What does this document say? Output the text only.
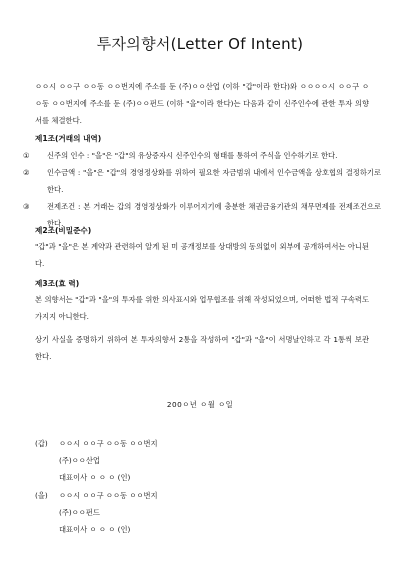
투자의향서(Letter Of Intent)
ㅇㅇ시 ㅇㅇ구 ㅇㅇ동 ㅇㅇ번지에 주소를 둔 (주)ㅇㅇ산업 (이하 "갑"이라 한다)와 ㅇㅇㅇㅇ시 ㅇㅇ구 ㅇㅇ동 ㅇㅇ번지에 주소를 둔 (주)ㅇㅇ펀드 (이하 "을"이라 한다)는 다음과 같이 신주인수에 관한 투자 의향서를 체결한다.
제1조(거래의 내역)
① 신주의 인수 : "을"은 "갑"의 유상증자시 신주인수의 형태를 통하여 주식을 인수하기로 한다.
② 인수금액 : "을"은 "갑"의 경영정상화를 위하여 필요한 자금범위 내에서 인수금액을 상호협의 결정하기로 한다.
③ 전제조건 : 본 거래는 갑의 경영정상화가 이루어지기에 충분한 채권금융기관의 채무면제를 전제조건으로 한다.
제2조(비밀준수)
"갑"과 "을"은 본 계약과 관련하여 알게 된 미 공개정보를 상대방의 동의없이 외부에 공개하여서는 아니된다.
제3조(효 력)
본 의향서는 "갑"과 "을"의 투자를 위한 의사표시와 업무협조를 위해 작성되었으며, 어떠한 법적 구속력도 가지지 아니한다.
상기 사실을 증명하기 위하여 본 투자의향서 2통을 작성하여 "갑"과 "을"이 서명날인하고 각 1통씩 보관한다.
200ㅇ년 ㅇ월 ㅇ일
(갑)	ㅇㅇ시 ㅇㅇ구 ㅇㅇ동 ㅇㅇ번지
(주)ㅇㅇ산업
대표이사 ㅇ ㅇ ㅇ (인)
(을)	ㅇㅇ시 ㅇㅇ구 ㅇㅇ동 ㅇㅇ번지
(주)ㅇㅇ펀드
대표이사 ㅇ ㅇ ㅇ (인)
